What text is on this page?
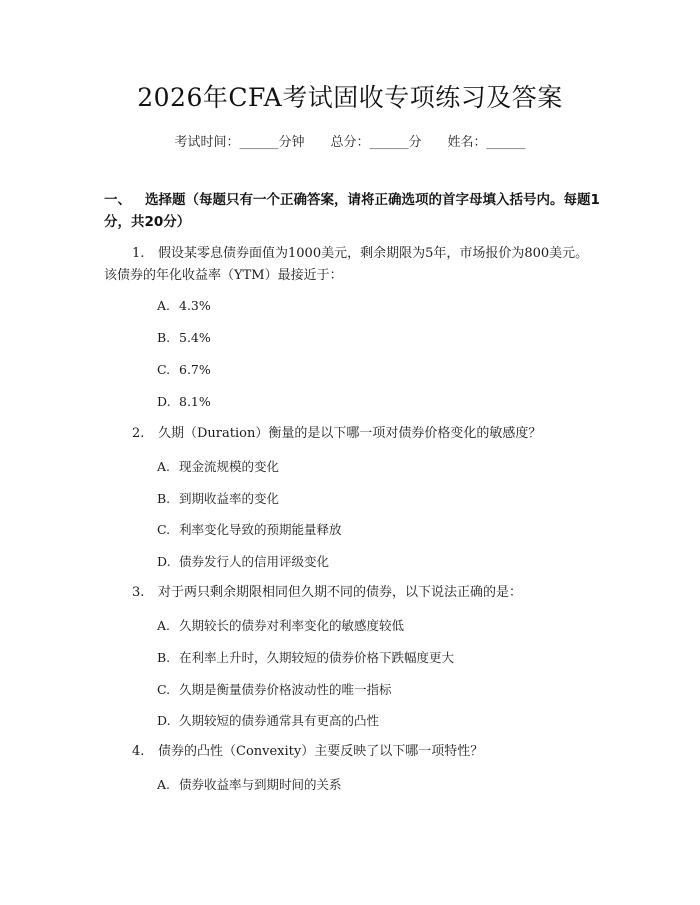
2026年CFA考试固收专项练习及答案
考试时间：______分钟 总分：______分 姓名：______
一、 选择题（每题只有一个正确答案，请将正确选项的首字母填入括号内。每题1分，共20分）
1. 假设某零息债券面值为1000美元，剩余期限为5年，市场报价为800美元。该债券的年化收益率（YTM）最接近于：
A. 4.3%
B. 5.4%
C. 6.7%
D. 8.1%
2. 久期（Duration）衡量的是以下哪一项对债券价格变化的敏感度？
A. 现金流规模的变化
B. 到期收益率的变化
C. 利率变化导致的预期能量释放
D. 债券发行人的信用评级变化
3. 对于两只剩余期限相同但久期不同的债券，以下说法正确的是：
A. 久期较长的债券对利率变化的敏感度较低
B. 在利率上升时，久期较短的债券价格下跌幅度更大
C. 久期是衡量债券价格波动性的唯一指标
D. 久期较短的债券通常具有更高的凸性
4. 债券的凸性（Convexity）主要反映了以下哪一项特性？
A. 债券收益率与到期时间的关系
